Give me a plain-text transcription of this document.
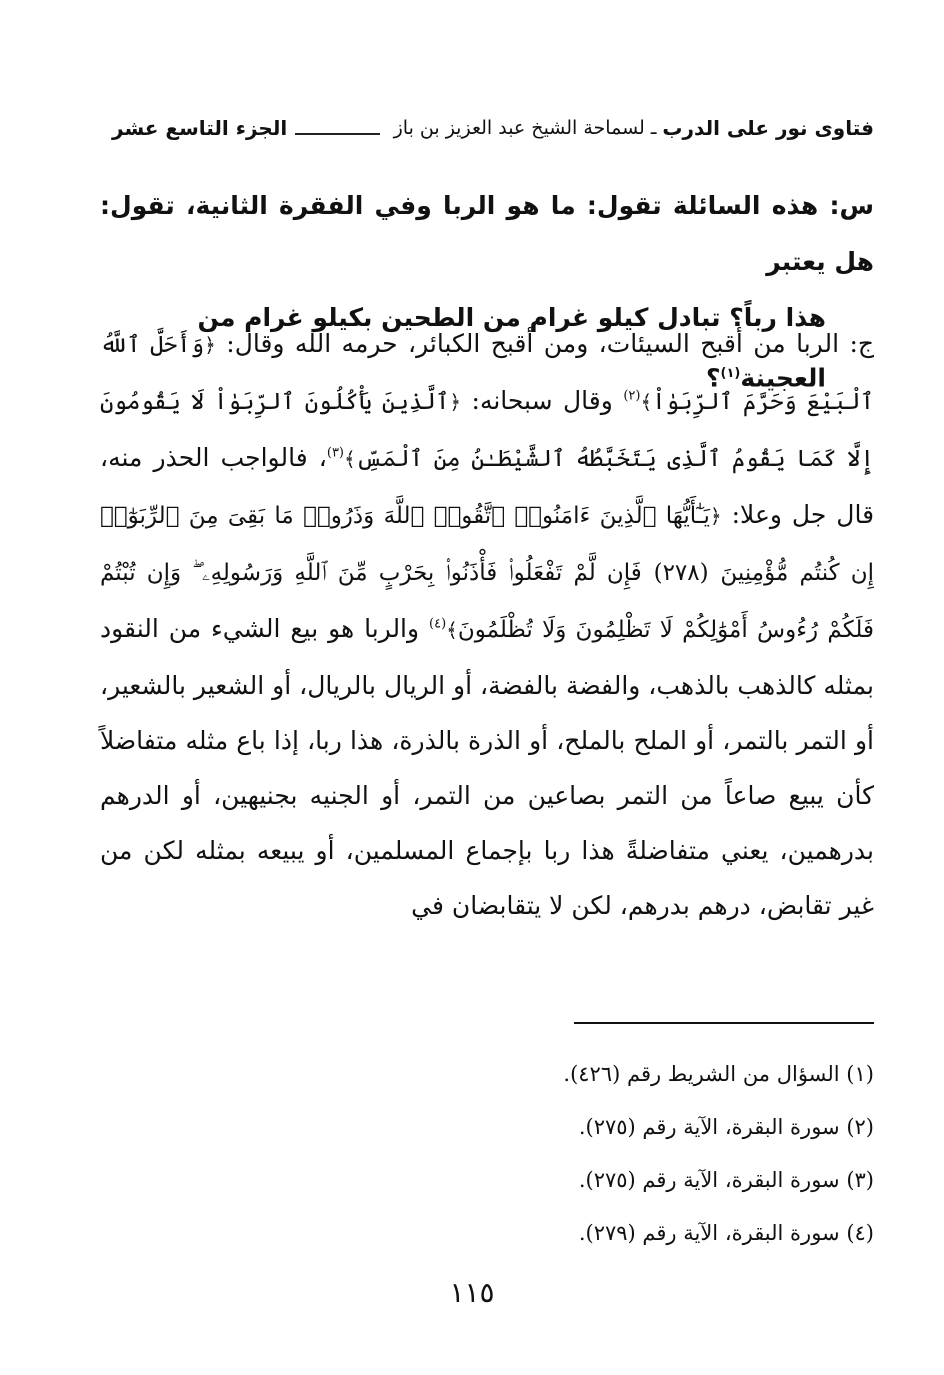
فتاوى نور على الدرب
ـ لسماحة الشيخ عبد العزيز بن باز
الجزء التاسع عشر
س: هذه السائلة تقول: ما هو الربا وفي الفقرة الثانية، تقول: هل يعتبر
هذا رباً؟ تبادل كيلو غرام من الطحين بكيلو غرام من العجينة$^{(١)}$؟

ج: الربا من أقبح السيئات، ومن أقبح الكبائر، حرمه الله وقال: ﴿وَأَحَلَّ ٱللَّهُ ٱلْبَيْعَ وَحَرَّمَ ٱلرِّبَوٰاْ﴾$^{(٢)}$ وقال سبحانه: ﴿ٱلَّذِينَ يَأْكُلُونَ ٱلرِّبَوٰاْ لَا يَقُومُونَ إِلَّا كَمَا يَقُومُ ٱلَّذِى يَتَخَبَّطُهُ ٱلشَّيْطَـٰنُ مِنَ ٱلْمَسِّ﴾$^{(٣)}$، فالواجب الحذر منه، قال جل وعلا: ﴿يَـٰٓأَيُّهَا ٱلَّذِينَ ءَامَنُوا۟ ٱتَّقُوا۟ ٱللَّهَ وَذَرُوا۟ مَا بَقِىَ مِنَ ٱلرِّبَوٰٓا۟ إِن كُنتُم مُّؤْمِنِينَ (٢٧٨) فَإِن لَّمْ تَفْعَلُوا۟ فَأْذَنُوا۟ بِحَرْبٍ مِّنَ ٱللَّهِ وَرَسُولِهِۦ ۖ وَإِن تُبْتُمْ فَلَكُمْ رُءُوسُ أَمْوَٰلِكُمْ لَا تَظْلِمُونَ وَلَا تُظْلَمُونَ﴾$^{(٤)}$ والربا هو بيع الشيء من النقود بمثله كالذهب بالذهب، والفضة بالفضة، أو الريال بالريال، أو الشعير بالشعير، أو التمر بالتمر، أو الملح بالملح، أو الذرة بالذرة، هذا ربا، إذا باع مثله متفاضلاً كأن يبيع صاعاً من التمر بصاعين من التمر، أو الجنيه بجنيهين، أو الدرهم بدرهمين، يعني متفاضلةً هذا ربا بإجماع المسلمين، أو يبيعه بمثله لكن من غير تقابض، درهم بدرهم، لكن لا يتقابضان في

(١) السؤال من الشريط رقم (٤٢٦).
(٢) سورة البقرة، الآية رقم (٢٧٥).
(٣) سورة البقرة، الآية رقم (٢٧٥).
(٤) سورة البقرة، الآية رقم (٢٧٩).
١١٥
